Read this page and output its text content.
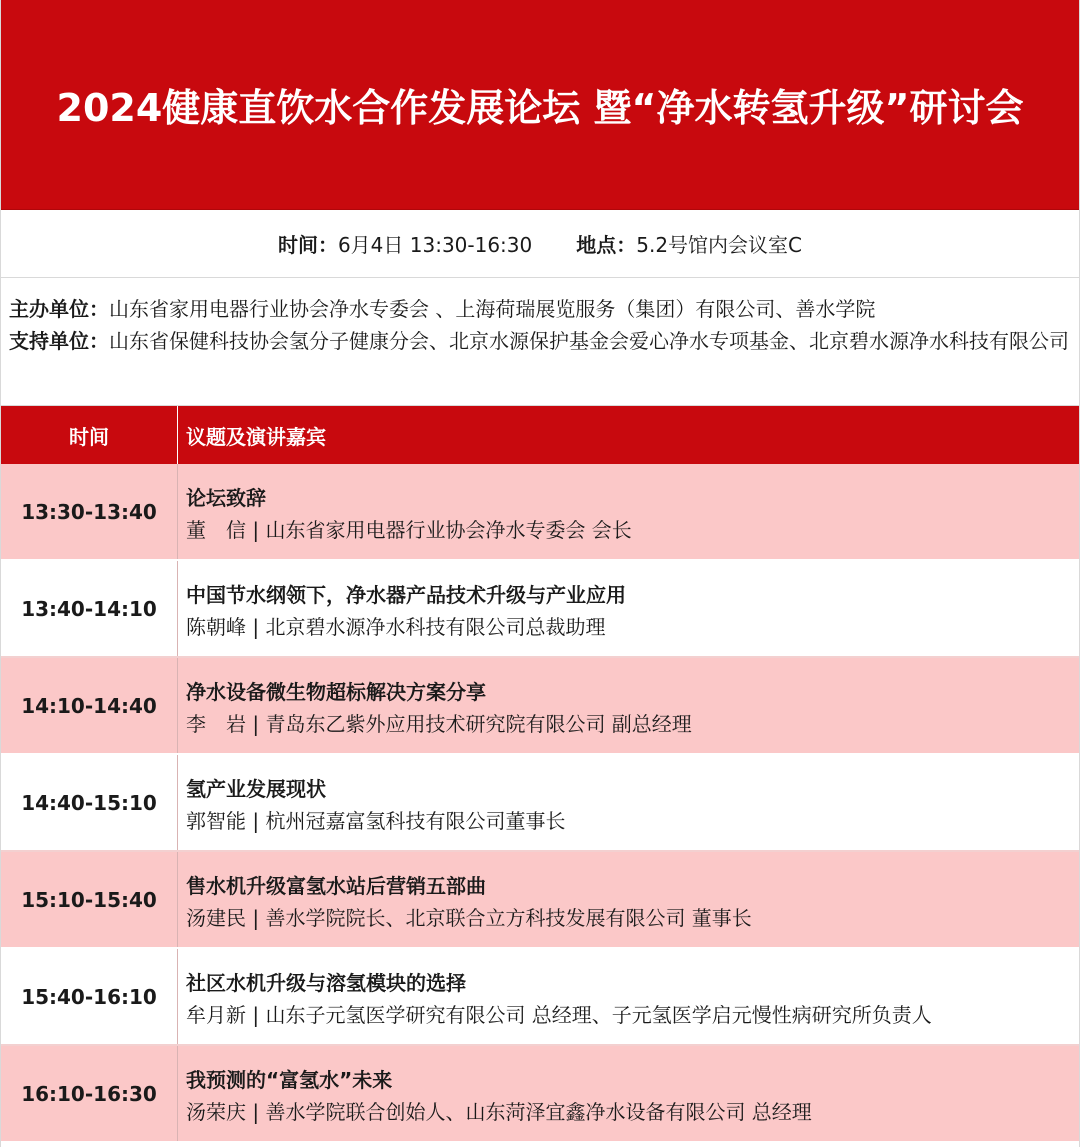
2024健康直饮水合作发展论坛 暨“净水转氢升级”研讨会
时间：6月4日 13:30-16:30 地点：5.2号馆内会议室C
主办单位：山东省家用电器行业协会净水专委会 、上海荷瑞展览服务（集团）有限公司、善水学院
支持单位：山东省保健科技协会氢分子健康分会、北京水源保护基金会爱心净水专项基金、北京碧水源净水科技有限公司
时间	议题及演讲嘉宾
13:30-13:40
论坛致辞
董　信 | 山东省家用电器行业协会净水专委会 会长
13:40-14:10
中国节水纲领下，净水器产品技术升级与产业应用
陈朝峰 | 北京碧水源净水科技有限公司总裁助理
14:10-14:40
净水设备微生物超标解决方案分享
李　岩 | 青岛东乙紫外应用技术研究院有限公司 副总经理
14:40-15:10
氢产业发展现状
郭智能 | 杭州冠嘉富氢科技有限公司董事长
15:10-15:40
售水机升级富氢水站后营销五部曲
汤建民 | 善水学院院长、北京联合立方科技发展有限公司 董事长
15:40-16:10
社区水机升级与溶氢模块的选择
牟月新 | 山东子元氢医学研究有限公司 总经理、子元氢医学启元慢性病研究所负责人
16:10-16:30
我预测的“富氢水”未来
汤荣庆 | 善水学院联合创始人、山东菏泽宜鑫净水设备有限公司 总经理
